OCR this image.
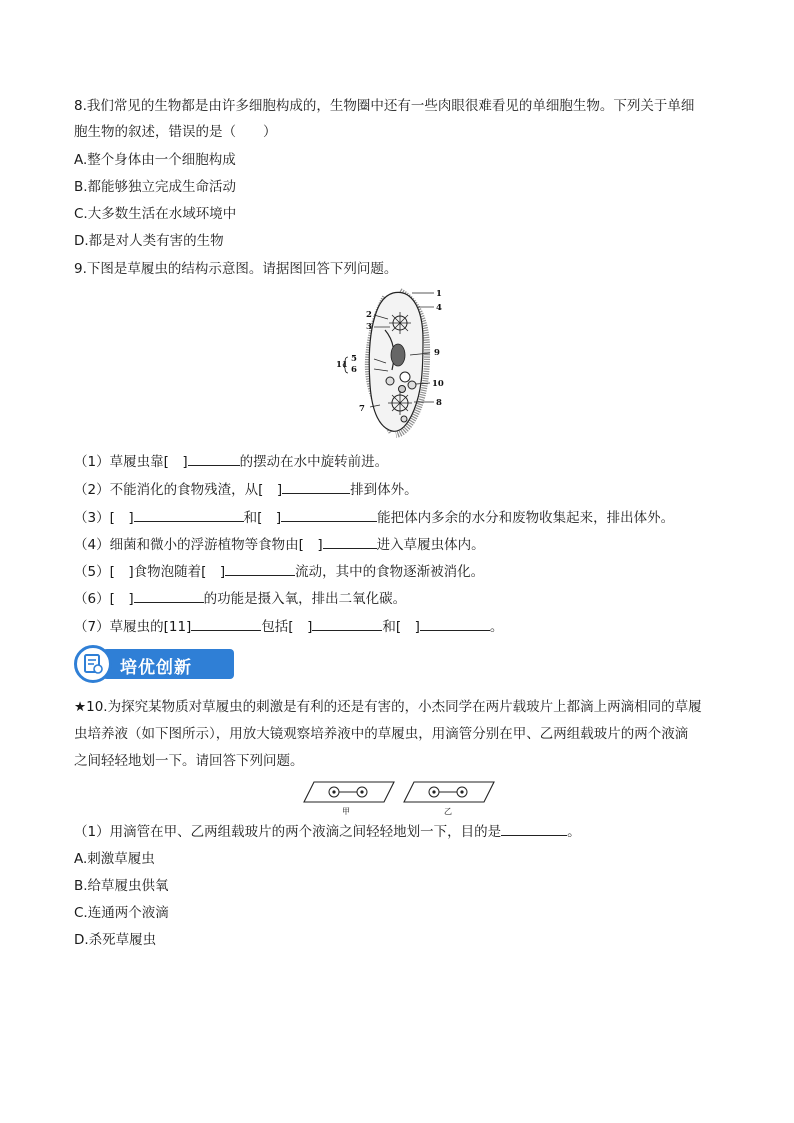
8.我们常见的生物都是由许多细胞构成的，生物圈中还有一些肉眼很难看见的单细胞生物。下列关于单细
胞生物的叙述，错误的是（　　）
A.整个身体由一个细胞构成
B.都能够独立完成生命活动
C.大多数生活在水域环境中
D.都是对人类有害的生物
9.下图是草履虫的结构示意图。请据图回答下列问题。
1
2
3
4
5
6
7
8
9
10
11
（1）草履虫靠[　]	的摆动在水中旋转前进。
（2）不能消化的食物残渣，从[　]	排到体外。
（3）[　]	和[　]	能把体内多余的水分和废物收集起来，排出体外。
（4）细菌和微小的浮游植物等食物由[　]	进入草履虫体内。
（5）[　]食物泡随着[　]	流动，其中的食物逐渐被消化。
（6）[　]	的功能是摄入氧，排出二氧化碳。
（7）草履虫的[11]	包括[　]	和[　]	。
培优创新
★10.为探究某物质对草履虫的刺激是有利的还是有害的，小杰同学在两片载玻片上都滴上两滴相同的草履
虫培养液（如下图所示），用放大镜观察培养液中的草履虫，用滴管分别在甲、乙两组载玻片的两个液滴
之间轻轻地划一下。请回答下列问题。
甲	乙
（1）用滴管在甲、乙两组载玻片的两个液滴之间轻轻地划一下，目的是	。
A.刺激草履虫
B.给草履虫供氧
C.连通两个液滴
D.杀死草履虫
